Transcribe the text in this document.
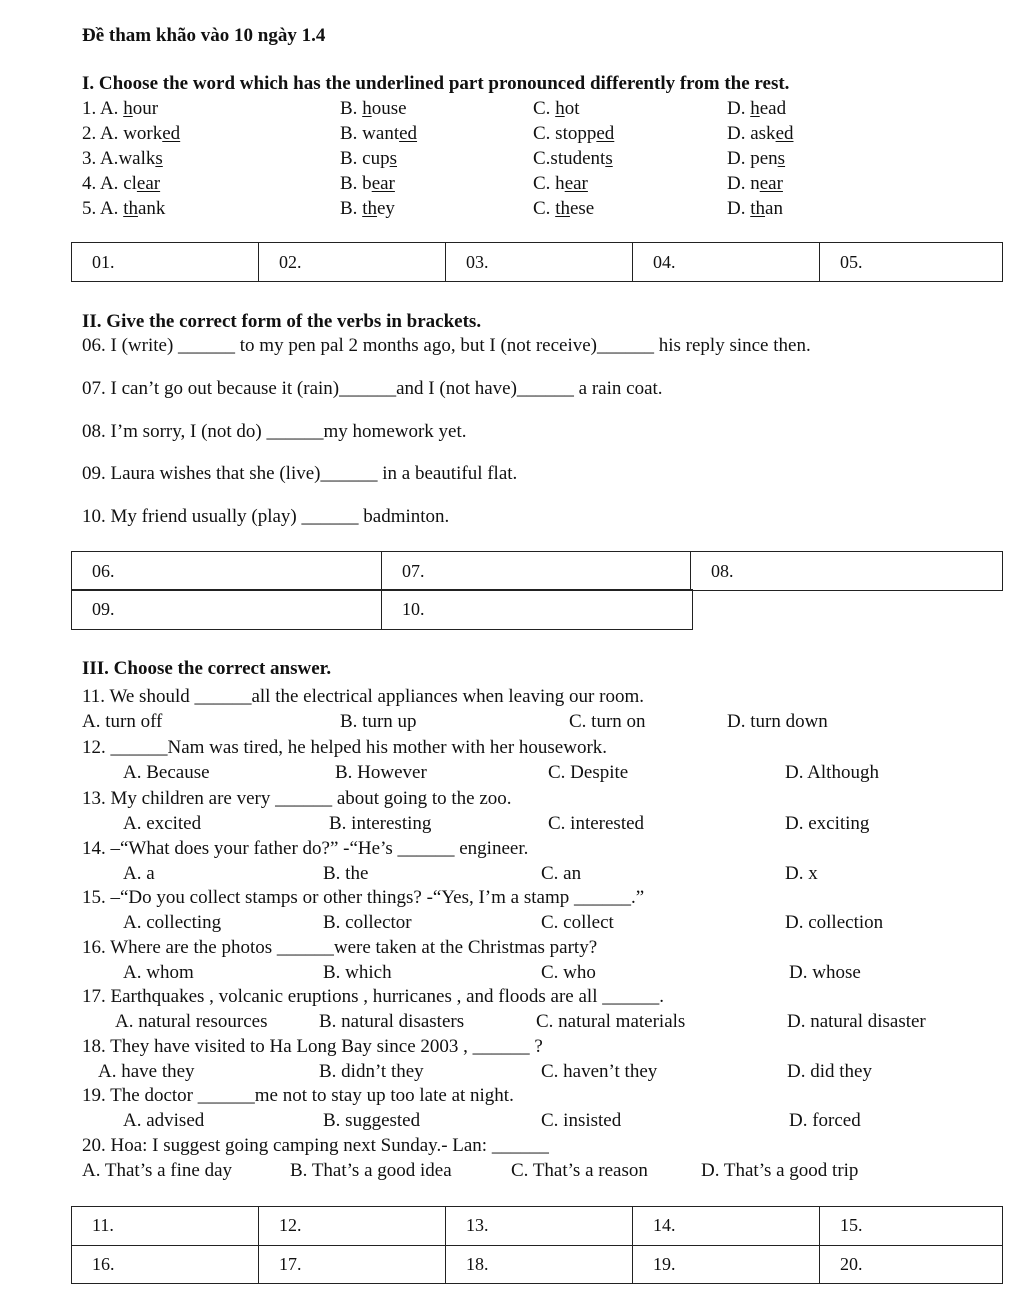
Đề tham khão vào 10 ngày 1.4
I. Choose the word which has the underlined part pronounced differently from the rest.
1. A. hour	B. house	C. hot	D. head
2. A. worked	B. wanted	C. stopped	D. asked
3. A.walks	B. cups	C.students	D. pens
4. A. clear	B. bear	C. hear	D. near
5. A. thank	B. they	C. these	D. than
01.	02.	03.	04.	05.
II. Give the correct form of the verbs in brackets.
06. I (write) ______ to my pen pal 2 months ago, but I (not receive)______ his reply since then.
07. I can’t go out because it (rain)______and I (not have)______ a rain coat.
08. I’m sorry, I (not do) ______my homework yet.
09. Laura wishes that she (live)______ in a beautiful flat.
10. My friend usually (play) ______ badminton.
06.	07.	08.
09.	10.
III. Choose the correct answer.
11. We should ______all the electrical appliances when leaving our room.
A. turn off	B. turn up	C. turn on	D. turn down
12. ______Nam was tired, he helped his mother with her housework.
A. Because	B. However	C. Despite	D. Although
13. My children are very ______ about going to the zoo.
A. excited	B. interesting	C. interested	D. exciting
14. –“What does your father do?” -“He’s ______ engineer.
A. a	B. the	C. an	D. x
15. –“Do you collect stamps or other things? -“Yes, I’m a stamp ______.”
A. collecting	B. collector	C. collect	D. collection
16. Where are the photos ______were taken at the Christmas party?
A. whom	B. which	C. who	D. whose
17. Earthquakes , volcanic eruptions , hurricanes , and floods are all ______.
A. natural resources	B. natural disasters	C. natural materials	D. natural disaster
18. They have visited to Ha Long Bay since 2003 , ______ ?
A. have they	B. didn’t they	C. haven’t they	D. did they
19. The doctor ______me not to stay up too late at night.
A. advised	B. suggested	C. insisted	D. forced
20. Hoa: I suggest going camping next Sunday.- Lan: ______
A. That’s a fine day	B. That’s a good idea	C. That’s a reason	D. That’s a good trip
11.	12.	13.	14.	15.
16.	17.	18.	19.	20.
